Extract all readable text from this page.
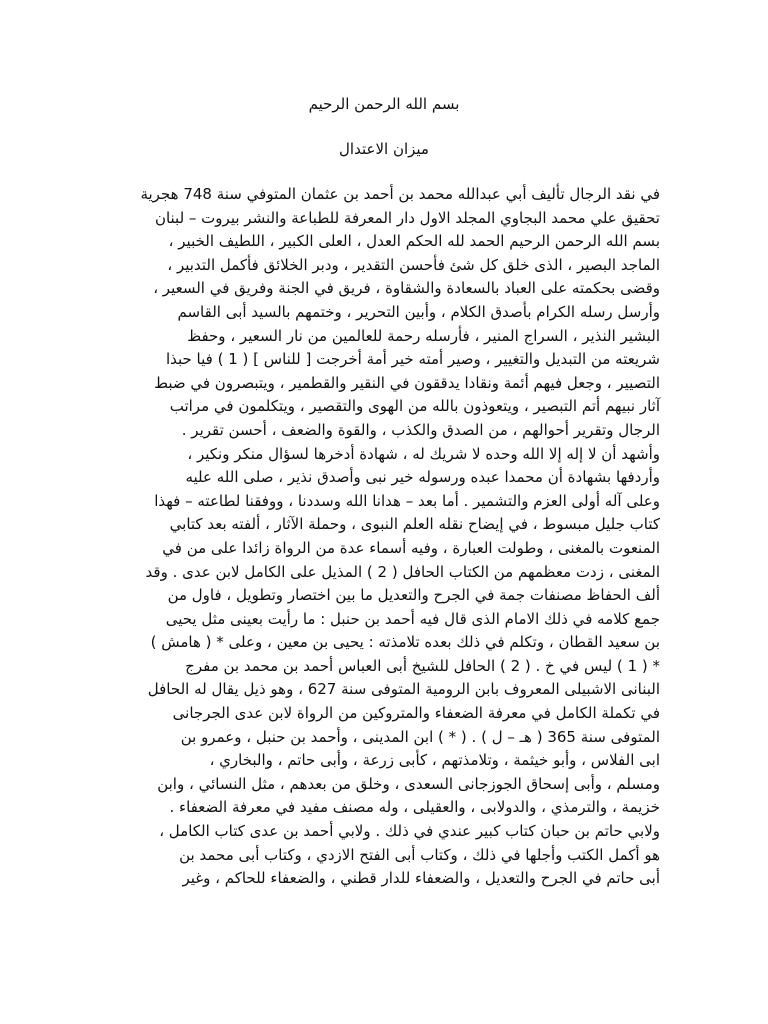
بسم الله الرحمن الرحيم
ميزان الاعتدال
في نقد الرجال تأليف أبي عبدالله محمد بن أحمد بن عثمان المتوفي سنة 748 هجرية
تحقيق علي محمد البجاوي المجلد الاول دار المعرفة للطباعة والنشر بيروت – لبنان
بسم الله الرحمن الرحيم الحمد لله الحكم العدل ، العلى الكبير ، اللطيف الخبير ،
الماجد البصير ، الذى خلق كل شئ فأحسن التقدير ، ودبر الخلائق فأكمل التدبير ،
وقضى بحكمته على العباد بالسعادة والشقاوة ، فريق في الجنة وفريق في السعير ،
وأرسل رسله الكرام بأصدق الكلام ، وأبين التحرير ، وختمهم بالسيد أبى القاسم
البشير النذير ، السراج المنير ، فأرسله رحمة للعالمين من نار السعير ، وحفظ
شريعته من التبديل والتغيير ، وصير أمته خير أمة أخرجت [ للناس ] ( 1 ) فيا حبذا
التصيير ، وجعل فيهم أئمة ونقادا يدققون في النقير والقطمير ، ويتبصرون في ضبط
آثار نبيهم أتم التبصير ، ويتعوذون بالله من الهوى والتقصير ، ويتكلمون في مراتب
الرجال وتقرير أحوالهم ، من الصدق والكذب ، والقوة والضعف ، أحسن تقرير .
وأشهد أن لا إله إلا الله وحده لا شريك له ، شهادة أدخرها لسؤال منكر ونكير ،
وأردفها بشهادة أن محمدا عبده ورسوله خير نبى وأصدق نذير ، صلى الله عليه
وعلى آله أولى العزم والتشمير . أما بعد – هدانا الله وسددنا ، ووفقنا لطاعته – فهذا
كتاب جليل مبسوط ، في إيضاح نقله العلم النبوى ، وحملة الآثار ، ألفته بعد كتابي
المنعوت بالمغنى ، وطولت العبارة ، وفيه أسماء عدة من الرواة زائدا على من في
المغنى ، زدت معظمهم من الكتاب الحافل ( 2 ) المذيل على الكامل لابن عدى . وقد
ألف الحفاظ مصنفات جمة في الجرح والتعديل ما بين اختصار وتطويل ، فاول من
جمع كلامه في ذلك الامام الذى قال فيه أحمد بن حنبل : ما رأيت بعينى مثل يحيى
بن سعيد القطان ، وتكلم في ذلك بعده تلامذته : يحيى بن معين ، وعلى * ( هامش )
* ( 1 ) ليس في خ . ( 2 ) الحافل للشيخ أبى العباس أحمد بن محمد بن مفرج
البنانى الاشبيلى المعروف بابن الرومية المتوفى سنة 627 ، وهو ذيل يقال له الحافل
في تكملة الكامل في معرفة الضعفاء والمتروكين من الرواة لابن عدى الجرجانى
المتوفى سنة 365 ( هـ – ل ) . ( * ) ابن المدينى ، وأحمد بن حنبل ، وعمرو بن
ابى الفلاس ، وأبو خيثمة ، وتلامذتهم ، كأبى زرعة ، وأبى حاتم ، والبخاري ،
ومسلم ، وأبى إسحاق الجوزجانى السعدى ، وخلق من بعدهم ، مثل النسائي ، وابن
خزيمة ، والترمذي ، والدولابى ، والعقيلى ، وله مصنف مفيد في معرفة الضعفاء .
ولابي حاتم بن حبان كتاب كبير عندي في ذلك . ولابي أحمد بن عدى كتاب الكامل ،
هو أكمل الكتب وأجلها في ذلك ، وكتاب أبى الفتح الازدي ، وكتاب أبى محمد بن
أبى حاتم في الجرح والتعديل ، والضعفاء للدار قطني ، والضعفاء للحاكم ، وغير
